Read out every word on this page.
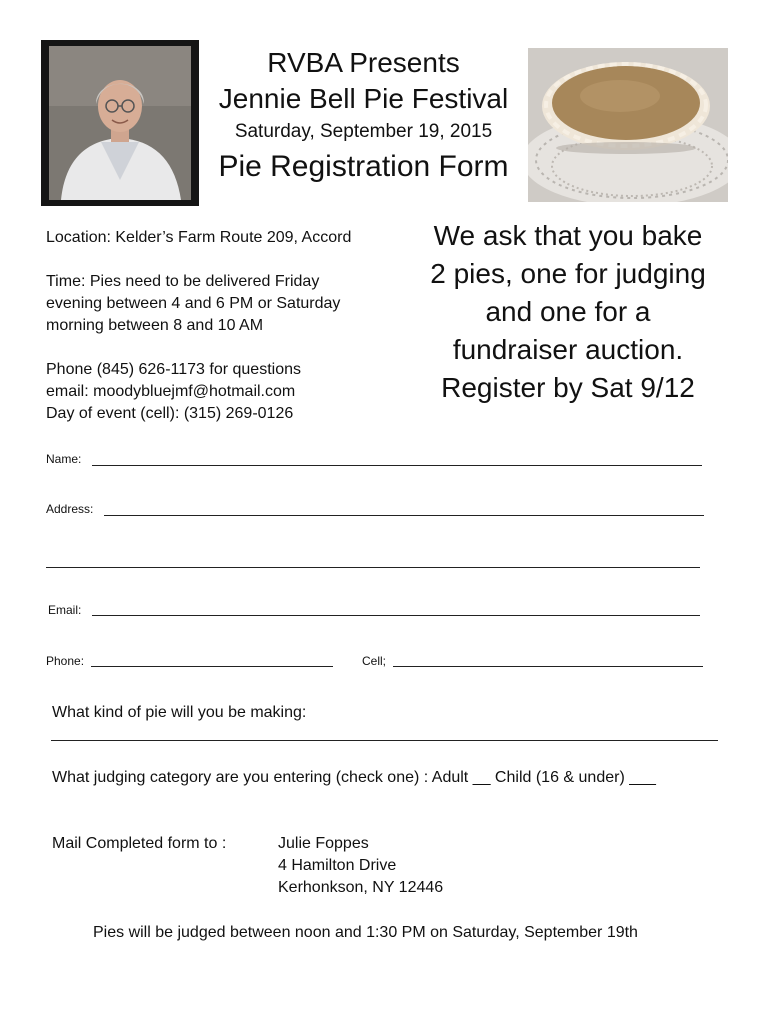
RVBA Presents
Jennie Bell Pie Festival
Saturday, September 19, 2015
Pie Registration Form
Location: Kelder’s Farm Route 209, Accord
Time: Pies need to be delivered Friday
evening between 4 and 6 PM or Saturday
morning between 8 and 10 AM
Phone (845) 626-1173 for questions
email: moodybluejmf@hotmail.com
Day of event (cell): (315) 269-0126
We ask that you bake
2 pies, one for judging
and one for a
fundraiser auction.
Register by Sat 9/12
Name:
Address:
Email:
Phone:	Cell;
What kind of pie will you be making:
What judging category are you entering (check one) : Adult __ Child (16 & under) ___
Mail Completed form to :	Julie Foppes
4 Hamilton Drive
Kerhonkson, NY 12446
Pies will be judged between noon and 1:30 PM on Saturday, September 19th
